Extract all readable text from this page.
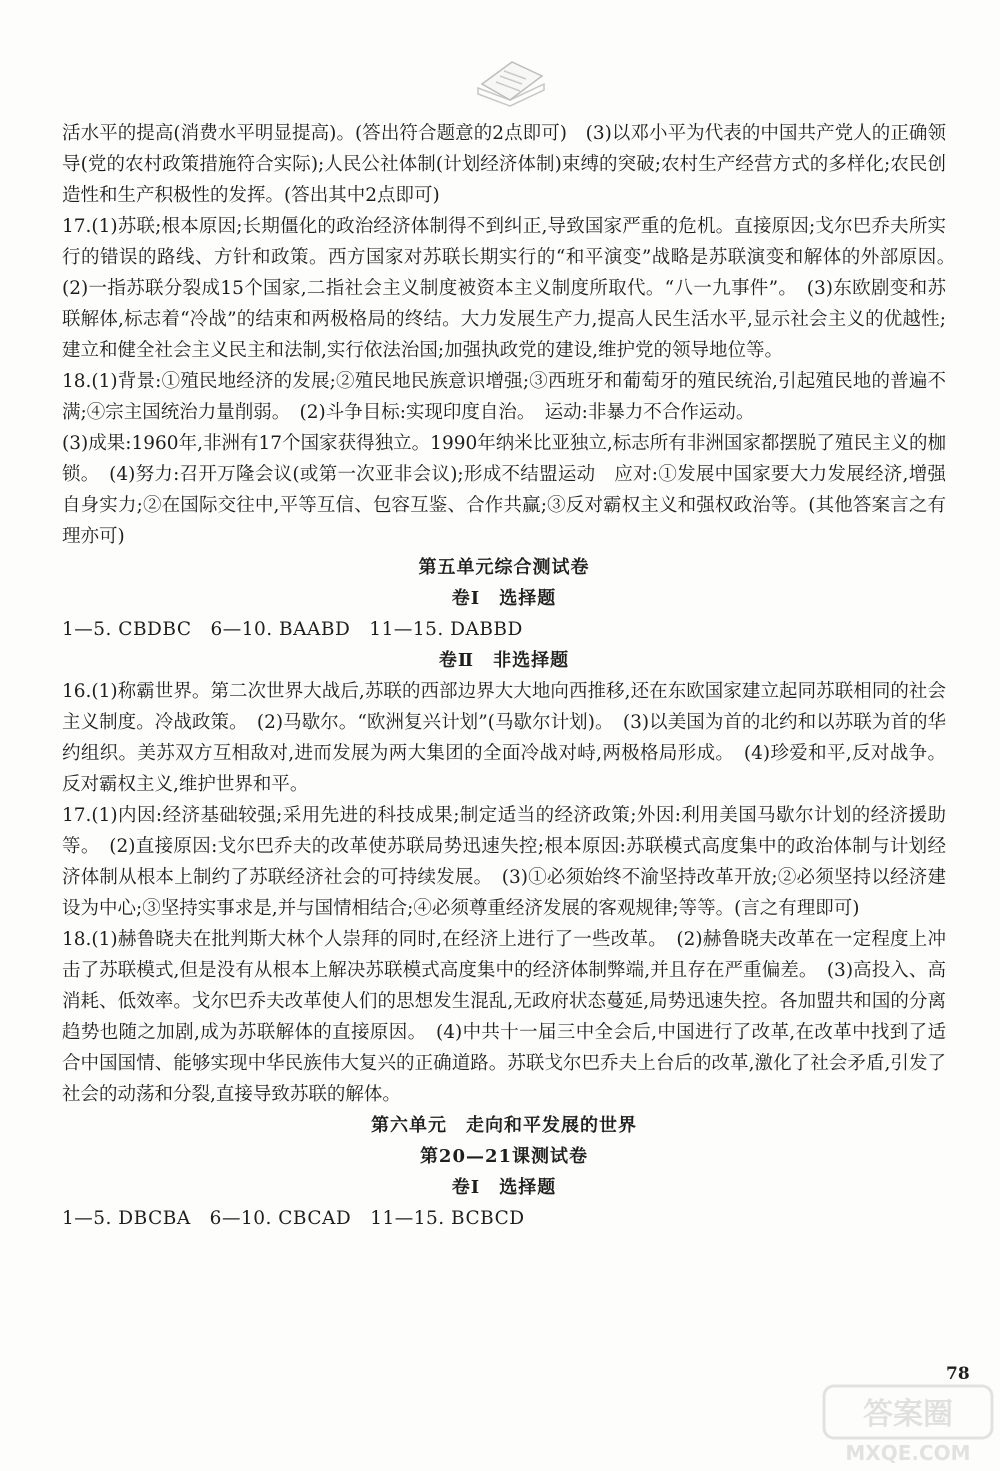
活水平的提高(消费水平明显提高)。(答出符合题意的2点即可)　(3)以邓小平为代表的中国共产党人的正确领导(党的农村政策措施符合实际);人民公社体制(计划经济体制)束缚的突破;农村生产经营方式的多样化;农民创造性和生产积极性的发挥。(答出其中2点即可)

17.(1)苏联;根本原因;长期僵化的政治经济体制得不到纠正,导致国家严重的危机。直接原因;戈尔巴乔夫所实行的错误的路线、方针和政策。西方国家对苏联长期实行的“和平演变”战略是苏联演变和解体的外部原因。　(2)一指苏联分裂成15个国家,二指社会主义制度被资本主义制度所取代。“八一九事件”。　(3)东欧剧变和苏联解体,标志着“冷战”的结束和两极格局的终结。大力发展生产力,提高人民生活水平,显示社会主义的优越性;建立和健全社会主义民主和法制,实行依法治国;加强执政党的建设,维护党的领导地位等。

18.(1)背景:①殖民地经济的发展;②殖民地民族意识增强;③西班牙和葡萄牙的殖民统治,引起殖民地的普遍不满;④宗主国统治力量削弱。　(2)斗争目标:实现印度自治。　运动:非暴力不合作运动。

(3)成果:1960年,非洲有17个国家获得独立。1990年纳米比亚独立,标志所有非洲国家都摆脱了殖民主义的枷锁。　(4)努力:召开万隆会议(或第一次亚非会议);形成不结盟运动　应对:①发展中国家要大力发展经济,增强自身实力;②在国际交往中,平等互信、包容互鉴、合作共赢;③反对霸权主义和强权政治等。(其他答案言之有理亦可)

第五单元综合测试卷

卷Ⅰ　选择题

1—5. CBDBC　6—10. BAABD　11—15. DABBD

卷Ⅱ　非选择题

16.(1)称霸世界。第二次世界大战后,苏联的西部边界大大地向西推移,还在东欧国家建立起同苏联相同的社会主义制度。冷战政策。　(2)马歇尔。“欧洲复兴计划”(马歇尔计划)。　(3)以美国为首的北约和以苏联为首的华约组织。美苏双方互相敌对,进而发展为两大集团的全面冷战对峙,两极格局形成。　(4)珍爱和平,反对战争。反对霸权主义,维护世界和平。

17.(1)内因:经济基础较强;采用先进的科技成果;制定适当的经济政策;外因:利用美国马歇尔计划的经济援助等。　(2)直接原因:戈尔巴乔夫的改革使苏联局势迅速失控;根本原因:苏联模式高度集中的政治体制与计划经济体制从根本上制约了苏联经济社会的可持续发展。　(3)①必须始终不渝坚持改革开放;②必须坚持以经济建设为中心;③坚持实事求是,并与国情相结合;④必须尊重经济发展的客观规律;等等。(言之有理即可)

18.(1)赫鲁晓夫在批判斯大林个人崇拜的同时,在经济上进行了一些改革。　(2)赫鲁晓夫改革在一定程度上冲击了苏联模式,但是没有从根本上解决苏联模式高度集中的经济体制弊端,并且存在严重偏差。　(3)高投入、高消耗、低效率。戈尔巴乔夫改革使人们的思想发生混乱,无政府状态蔓延,局势迅速失控。各加盟共和国的分离趋势也随之加剧,成为苏联解体的直接原因。　(4)中共十一届三中全会后,中国进行了改革,在改革中找到了适合中国国情、能够实现中华民族伟大复兴的正确道路。苏联戈尔巴乔夫上台后的改革,激化了社会矛盾,引发了社会的动荡和分裂,直接导致苏联的解体。

第六单元　走向和平发展的世界

第20—21课测试卷

卷Ⅰ　选择题

1—5. DBCBA　6—10. CBCAD　11—15. BCBCD

78
答案圈
MXQE.COM
